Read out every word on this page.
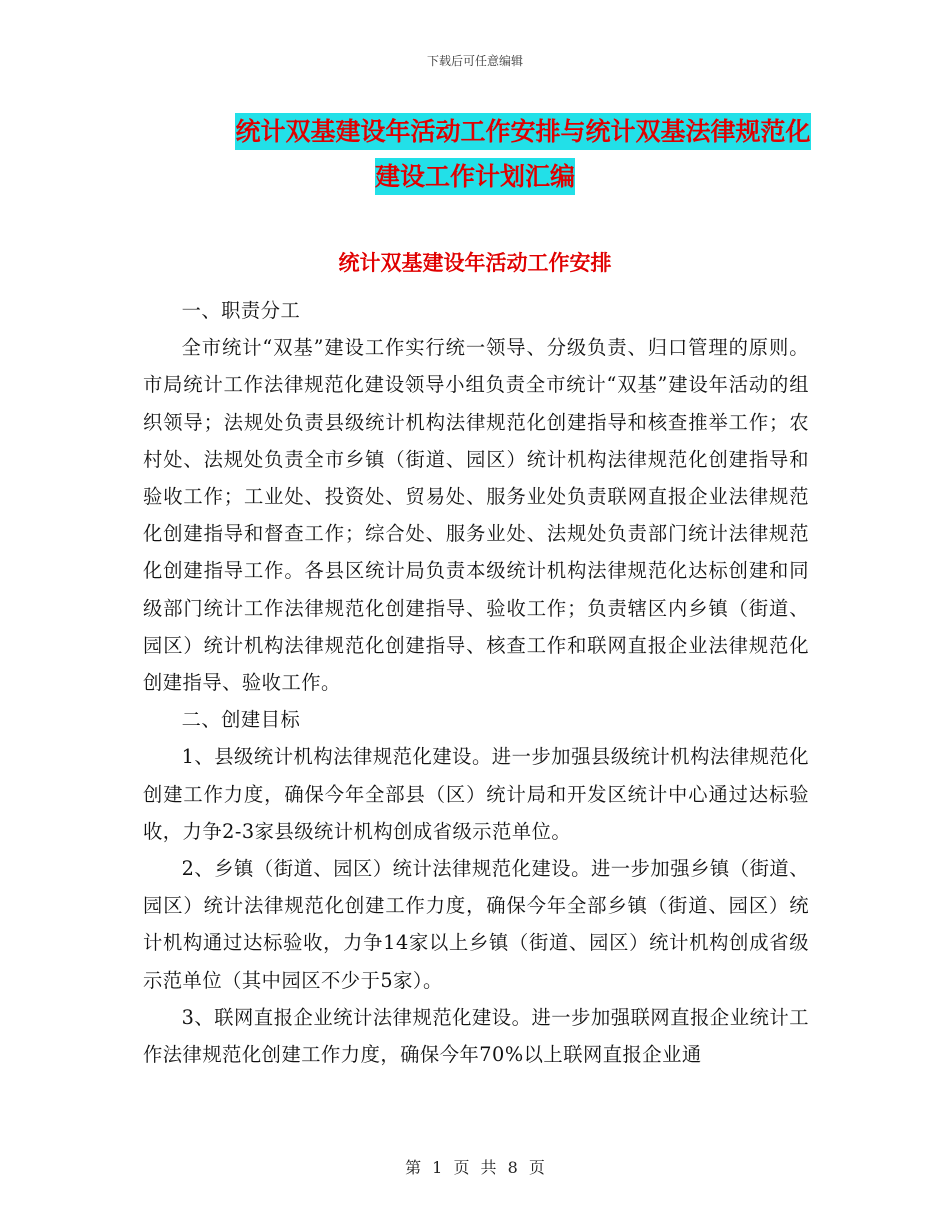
下载后可任意编辑
统计双基建设年活动工作安排与统计双基法律规范化
建设工作计划汇编
统计双基建设年活动工作安排

一、职责分工

全市统计“双基”建设工作实行统一领导、分级负责、归口管理的原则。市局统计工作法律规范化建设领导小组负责全市统计“双基”建设年活动的组织领导；法规处负责县级统计机构法律规范化创建指导和核查推举工作；农村处、法规处负责全市乡镇（街道、园区）统计机构法律规范化创建指导和验收工作；工业处、投资处、贸易处、服务业处负责联网直报企业法律规范化创建指导和督查工作；综合处、服务业处、法规处负责部门统计法律规范化创建指导工作。各县区统计局负责本级统计机构法律规范化达标创建和同级部门统计工作法律规范化创建指导、验收工作；负责辖区内乡镇（街道、园区）统计机构法律规范化创建指导、核查工作和联网直报企业法律规范化创建指导、验收工作。

二、创建目标

1、县级统计机构法律规范化建设。进一步加强县级统计机构法律规范化创建工作力度，确保今年全部县（区）统计局和开发区统计中心通过达标验收，力争2-3家县级统计机构创成省级示范单位。

2、乡镇（街道、园区）统计法律规范化建设。进一步加强乡镇（街道、园区）统计法律规范化创建工作力度，确保今年全部乡镇（街道、园区）统计机构通过达标验收，力争14家以上乡镇（街道、园区）统计机构创成省级示范单位（其中园区不少于5家）。

3、联网直报企业统计法律规范化建设。进一步加强联网直报企业统计工作法律规范化创建工作力度，确保今年70%以上联网直报企业通

第 1 页 共 8 页
